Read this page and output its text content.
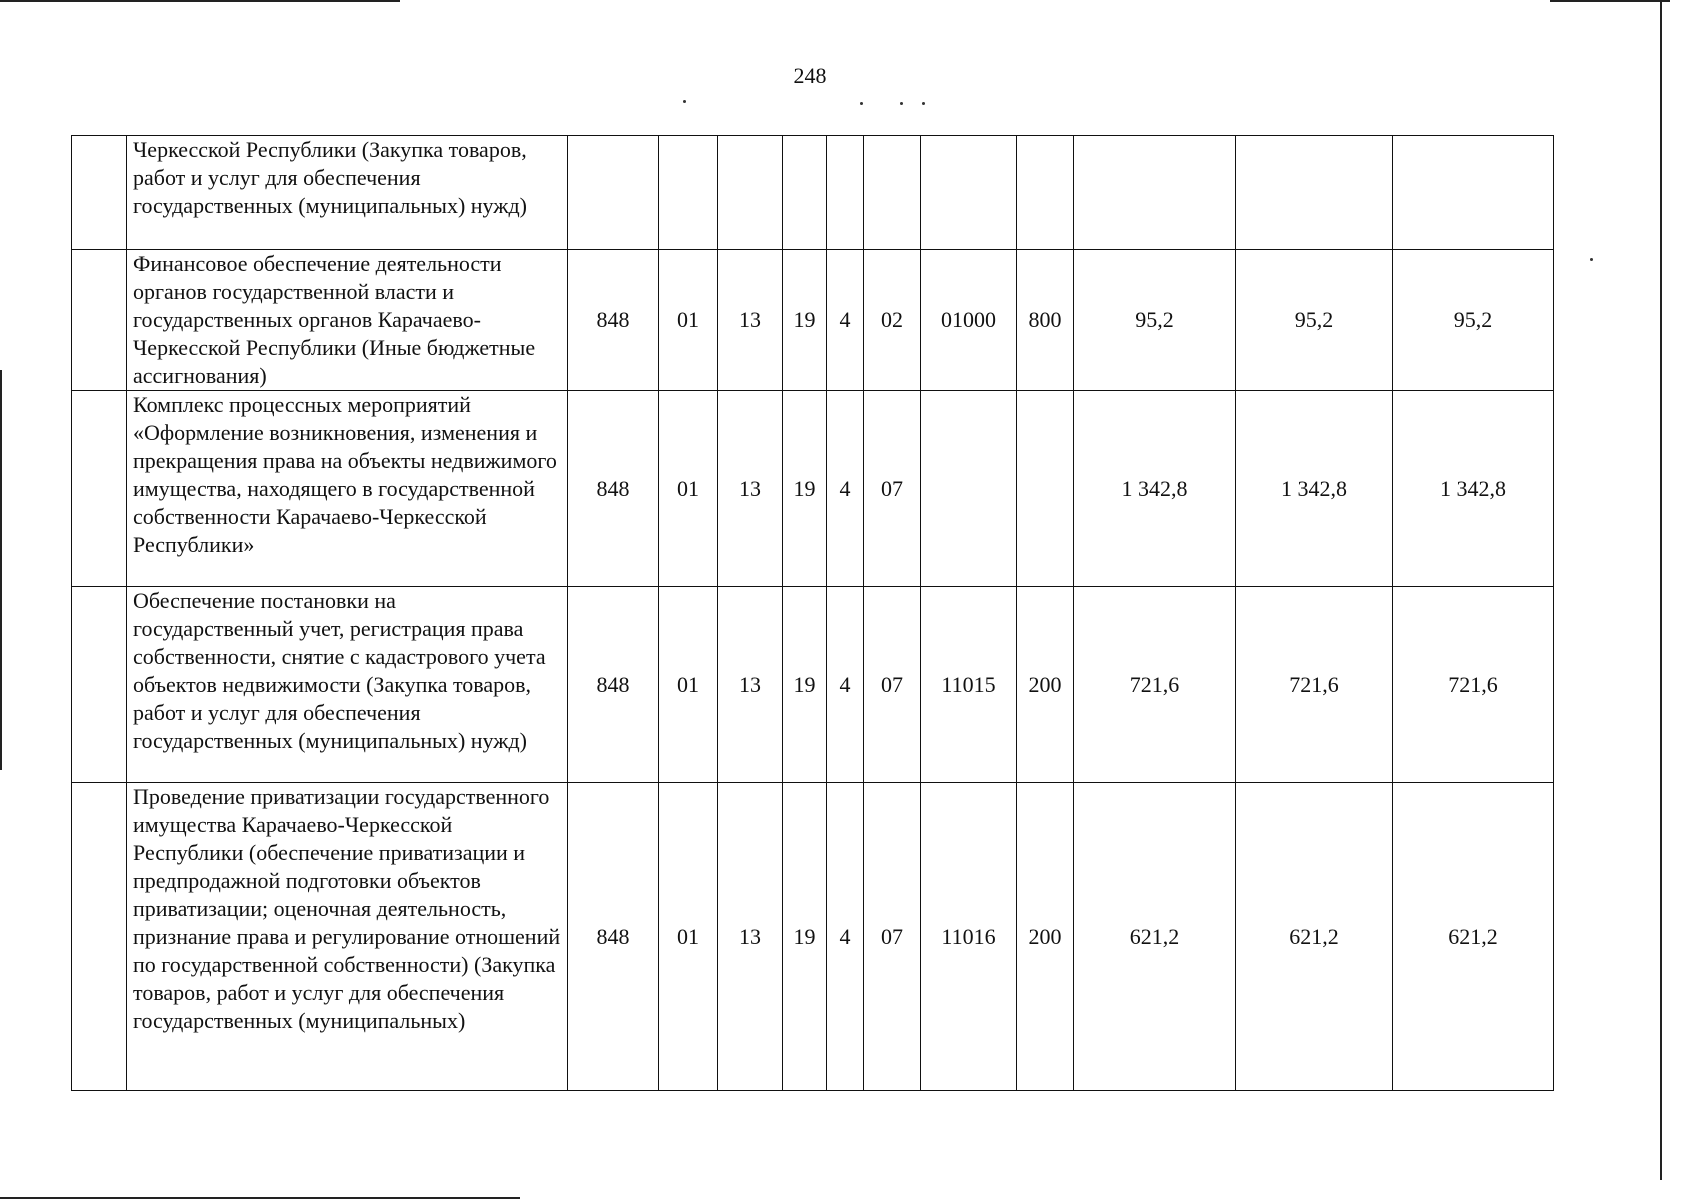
248
	Черкесской Республики (Закупка товаров, работ и услуг для обеспечения государственных (муниципальных) нужд)											
	Финансовое обеспечение деятельности органов государственной власти и государственных органов Карачаево-Черкесской Республики (Иные бюджетные ассигнования)	848	01	13	19	4	02	01000	800	95,2	95,2	95,2
	Комплекс процессных мероприятий «Оформление возникновения, изменения и прекращения права на объекты недвижимого имущества, находящего в государственной собственности Карачаево-Черкесской Республики»	848	01	13	19	4	07			1 342,8	1 342,8	1 342,8
	Обеспечение постановки на государственный учет, регистрация права собственности, снятие с кадастрового учета объектов недвижимости (Закупка товаров, работ и услуг для обеспечения государственных (муниципальных) нужд)	848	01	13	19	4	07	11015	200	721,6	721,6	721,6
	Проведение приватизации государственного имущества Карачаево-Черкесской Республики (обеспечение приватизации и предпродажной подготовки объектов приватизации; оценочная деятельность, признание права и регулирование отношений по государственной собственности) (Закупка товаров, работ и услуг для обеспечения государственных (муниципальных)	848	01	13	19	4	07	11016	200	621,2	621,2	621,2
